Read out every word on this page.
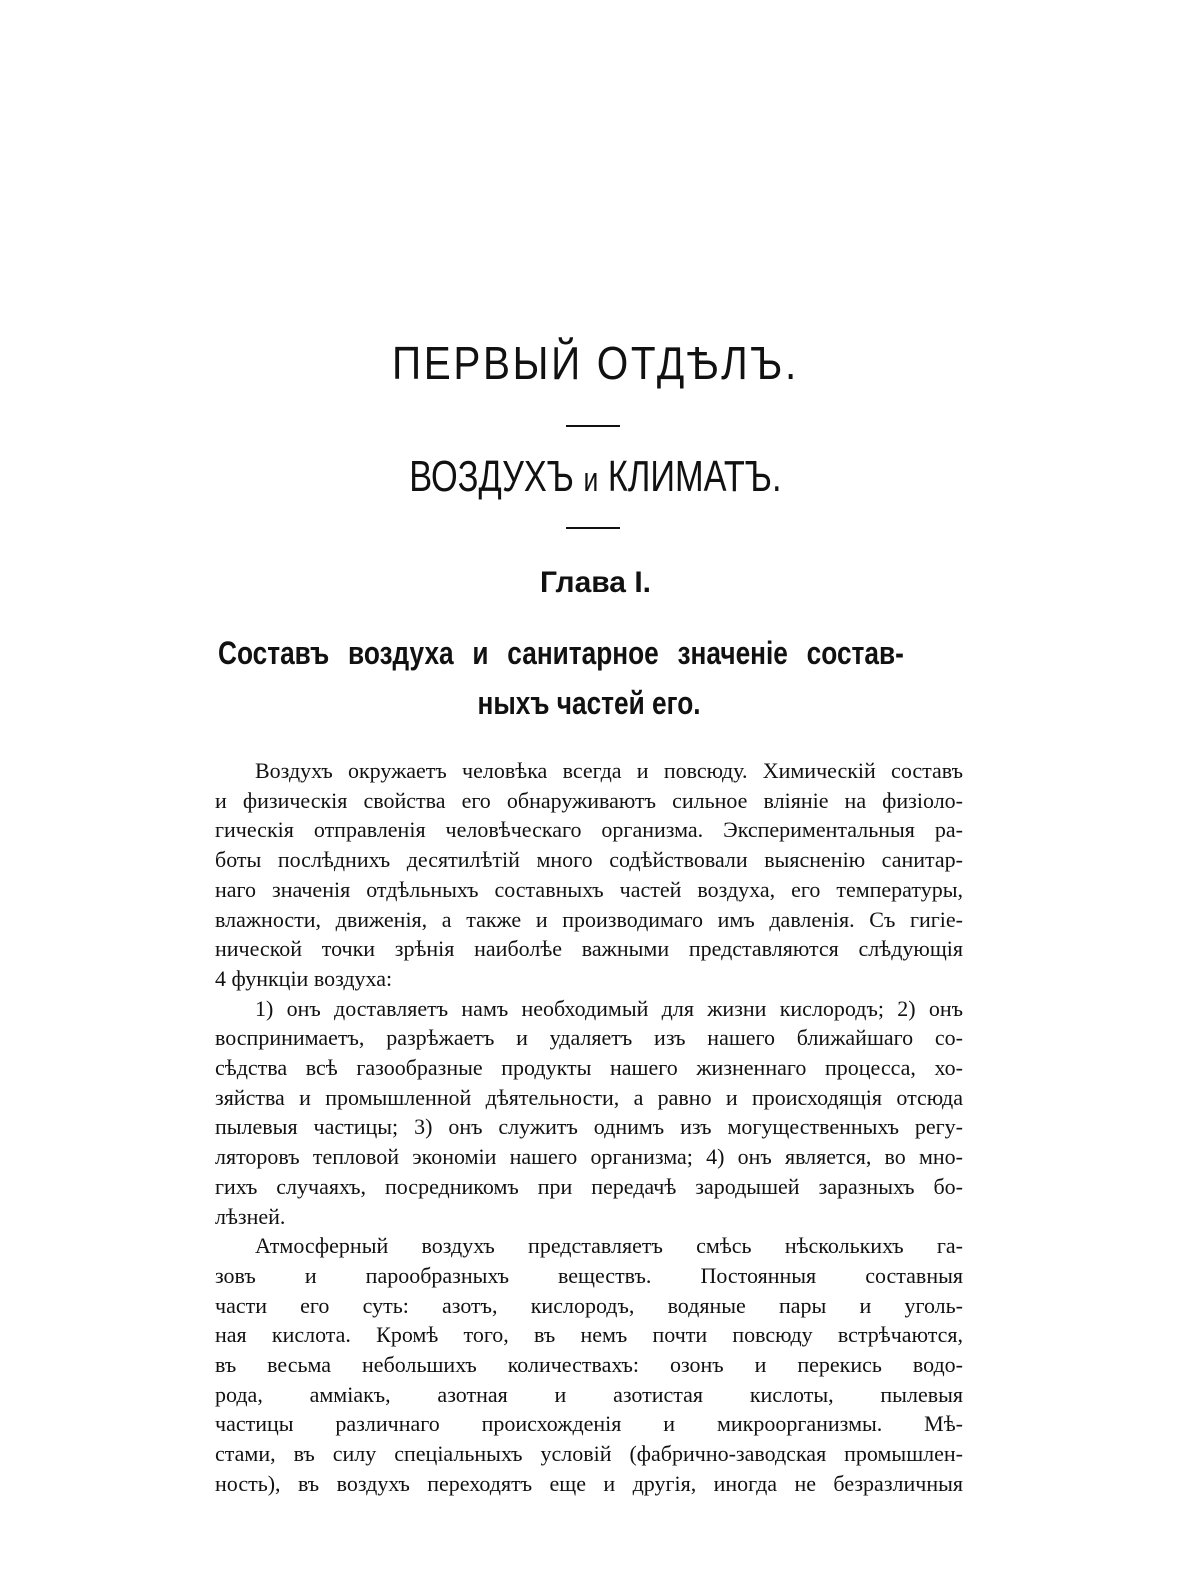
ПЕРВЫЙ ОТДѢЛЪ.
ВОЗДУХЪ и КЛИМАТЪ.
Глава I.
Составъ воздуха и санитарное значенiе состав-
ныхъ частей его.
Воздухъ окружаетъ человѣка всегда и повсюду. Химическiй составъ
и физическiя свойства его обнаруживаютъ сильное влiянiе на физiоло-
гическiя отправленiя человѣческаго организма. Экспериментальныя ра-
боты послѣднихъ десятилѣтiй много содѣйствовали выясненiю санитар-
наго значенiя отдѣльныхъ составныхъ частей воздуха, его температуры,
влажности, движенiя, а также и производимаго имъ давленiя. Съ гигiе-
нической точки зрѣнiя наиболѣе важными представляются слѣдующiя
4 функцiи воздуха:
1) онъ доставляетъ намъ необходимый для жизни кислородъ; 2) онъ
воспринимаетъ, разрѣжаетъ и удаляетъ изъ нашего ближайшаго со-
сѣдства всѣ газообразные продукты нашего жизненнаго процесса, хо-
зяйства и промышленной дѣятельности, а равно и происходящiя отсюда
пылевыя частицы; 3) онъ служитъ однимъ изъ могущественныхъ регу-
ляторовъ тепловой экономiи нашего организма; 4) онъ является, во мно-
гихъ случаяхъ, посредникомъ при передачѣ зародышей заразныхъ бо-
лѣзней.
Атмосферный воздухъ представляетъ смѣсь нѣсколькихъ га-
зовъ и парообразныхъ веществъ. Постоянныя составныя
части его суть: азотъ, кислородъ, водяные пары и уголь-
ная кислота. Кромѣ того, въ немъ почти повсюду встрѣчаются,
въ весьма небольшихъ количествахъ: озонъ и перекись водо-
рода, амміакъ, азотная и азотистая кислоты, пылевыя
частицы различнаго происхожденія и микроорганизмы. Мѣ-
стами, въ силу спецiальныхъ условiй (фабрично-заводская промышлен-
ность), въ воздухъ переходятъ еще и другiя, иногда не безразличныя
